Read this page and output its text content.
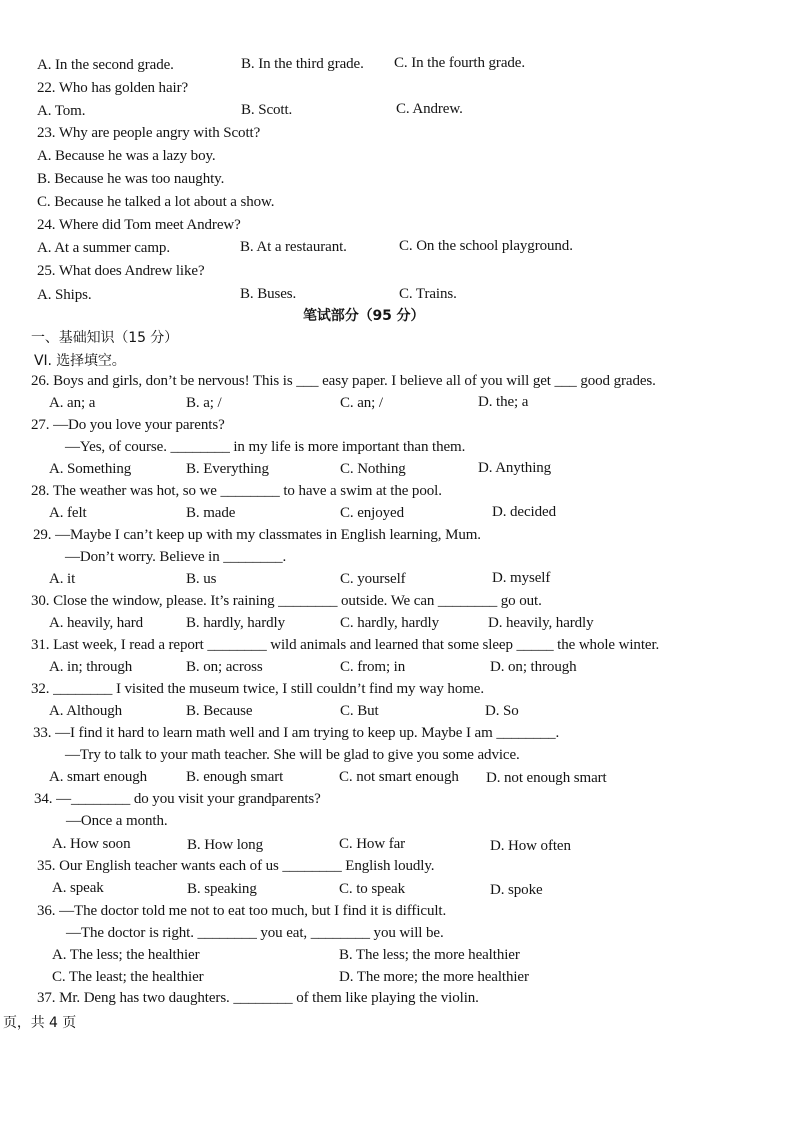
A. In the second grade.	B. In the third grade. C. In the fourth grade.
22. Who has golden hair?
A. Tom.	B. Scott.	C. Andrew.
23. Why are people angry with Scott?
A. Because he was a lazy boy.
B. Because he was too naughty.
C. Because he talked a lot about a show.
24. Where did Tom meet Andrew?
A. At a summer camp.	B. At a restaurant.	C. On the school playground.
25. What does Andrew like?
A. Ships.	B. Buses.	C. Trains.
笔试部分（95 分）
一、基础知识（15 分）
VI. 选择填空。
26. Boys and girls, don’t be nervous! This is ___ easy paper. I believe all of you will get ___ good grades.
A. an; a	B. a; /	C. an; /	D. the; a
27. —Do you love your parents?
—Yes, of course. ________ in my life is more important than them.
A. Something	B. Everything	C. Nothing	D. Anything
28. The weather was hot, so we ________ to have a swim at the pool.
A. felt	B. made	C. enjoyed	D. decided
29. —Maybe I can’t keep up with my classmates in English learning, Mum.
—Don’t worry. Believe in ________.
A. it	B. us	C. yourself	D. myself
30. Close the window, please. It’s raining ________ outside. We can ________ go out.
A. heavily, hard	B. hardly, hardly	C. hardly, hardly	D. heavily, hardly
31. Last week, I read a report ________ wild animals and learned that some sleep _____ the whole winter.
A. in; through	B. on; across	C. from; in	D. on; through
32. ________ I visited the museum twice, I still couldn’t find my way home.
A. Although	B. Because	C. But	D. So
33. —I find it hard to learn math well and I am trying to keep up. Maybe I am ________.
—Try to talk to your math teacher. She will be glad to give you some advice.
A. smart enough	B. enough smart	C. not smart enough D. not enough smart
34. —________ do you visit your grandparents?
—Once a month.
A. How soon	B. How long	C. How far	D. How often
35. Our English teacher wants each of us ________ English loudly.
A. speak	B. speaking	C. to speak	D. spoke
36. —The doctor told me not to eat too much, but I find it is difficult.
—The doctor is right. ________ you eat, ________ you will be.
A. The less; the healthier	B. The less; the more healthier
C. The least; the healthier	D. The more; the more healthier
37. Mr. Deng has two daughters. ________ of them like playing the violin.
页，共 4 页
